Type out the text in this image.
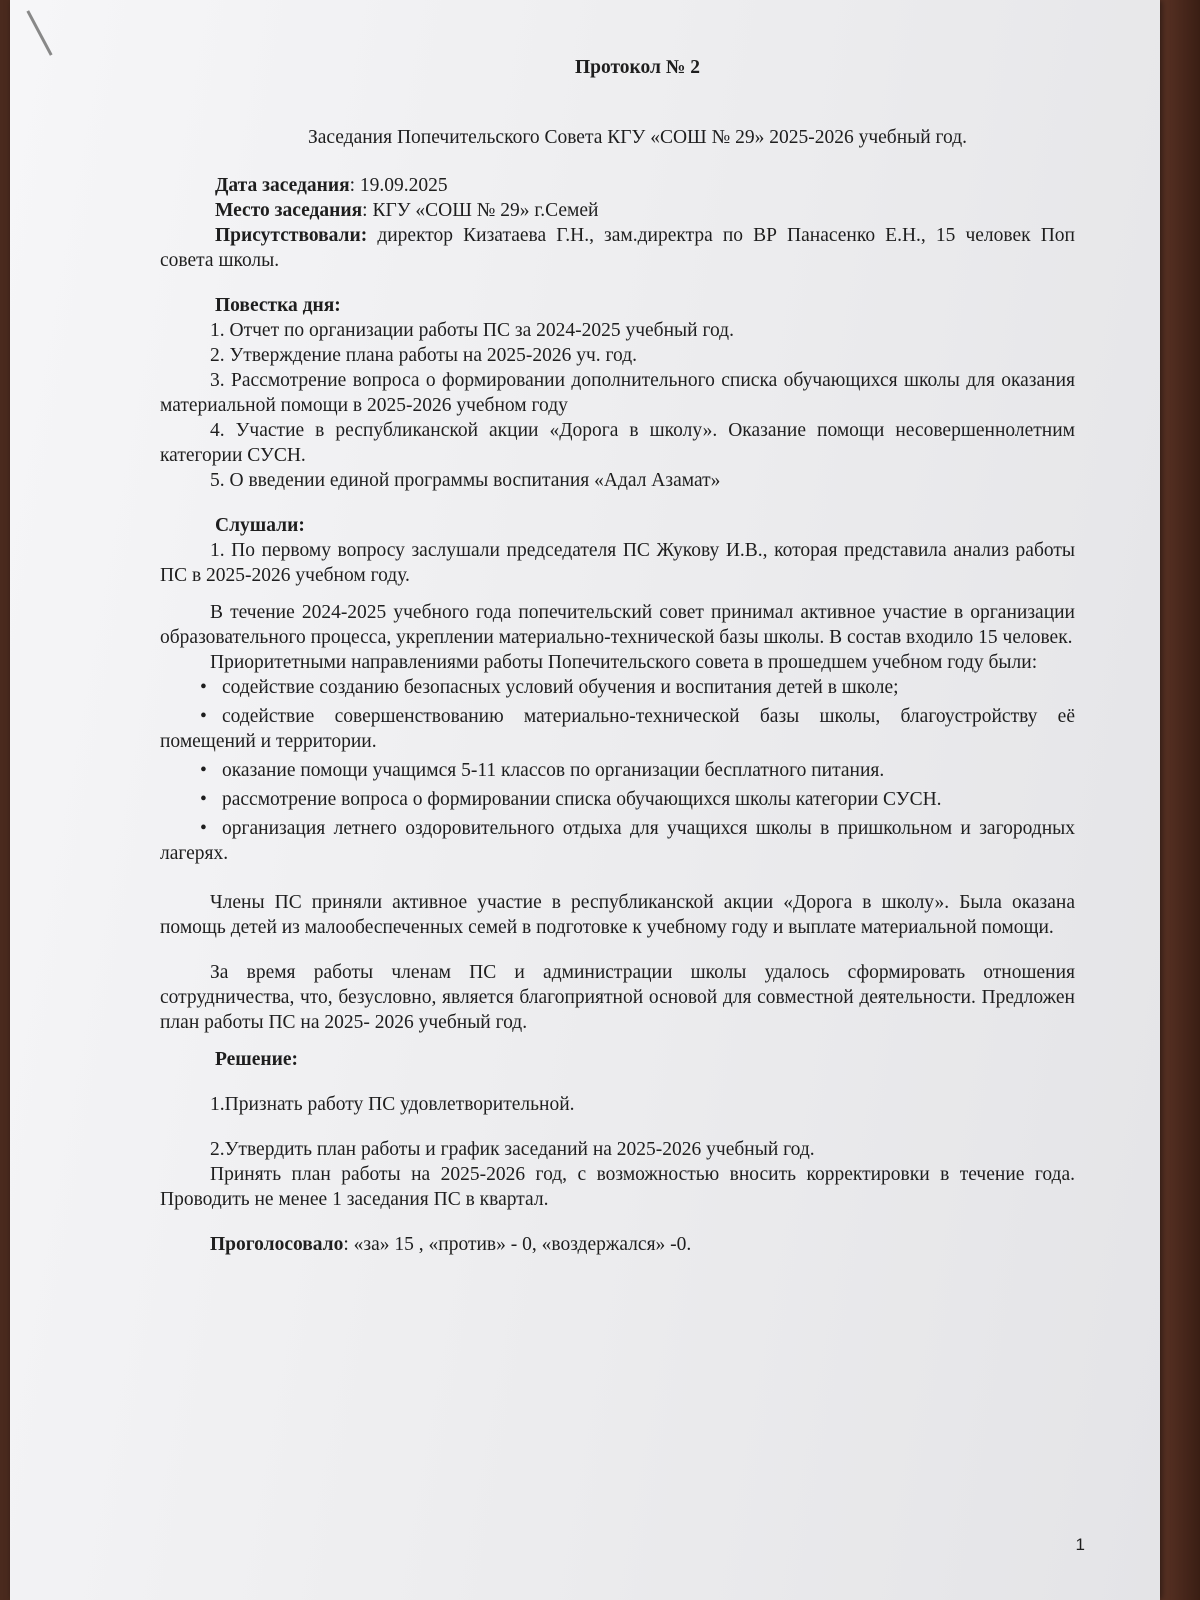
Протокол № 2

Заседания Попечительского Совета КГУ «СОШ № 29» 2025-2026 учебный год.

Дата заседания: 19.09.2025

Место заседания: КГУ «СОШ № 29» г.Семей

Присутствовали: директор Кизатаева Г.Н., зам.директра по ВР Панасенко Е.Н., 15 человек Поп совета школы.

Повестка дня:

1. Отчет по организации работы ПС за 2024-2025 учебный год.

2. Утверждение плана работы на 2025-2026 уч. год.

3. Рассмотрение вопроса о формировании дополнительного списка обучающихся школы для оказания материальной помощи в 2025-2026 учебном году

4. Участие в республиканской акции «Дорога в школу». Оказание помощи несовершеннолетним категории СУСН.

5. О введении единой программы воспитания «Адал Азамат»

Слушали:

1. По первому вопросу заслушали председателя ПС Жукову И.В., которая представила анализ работы ПС в 2025-2026 учебном году.

В течение 2024-2025 учебного года попечительский совет принимал активное участие в организации образовательного процесса, укреплении материально-технической базы школы. В состав входило 15 человек.

Приоритетными направлениями работы Попечительского совета в прошедшем учебном году были:

• содействие созданию безопасных условий обучения и воспитания детей в школе;
• содействие совершенствованию материально-технической базы школы, благоустройству её помещений и территории.
• оказание помощи учащимся 5-11 классов по организации бесплатного питания.
• рассмотрение вопроса о формировании списка обучающихся школы категории СУСН.
• организация летнего оздоровительного отдыха для учащихся школы в пришкольном и загородных лагерях.

Члены ПС приняли активное участие в республиканской акции «Дорога в школу». Была оказана помощь детей из малообеспеченных семей в подготовке к учебному году и выплате материальной помощи.

За время работы членам ПС и администрации школы удалось сформировать отношения сотрудничества, что, безусловно, является благоприятной основой для совместной деятельности. Предложен план работы ПС на 2025- 2026 учебный год.

Решение:

1.Признать работу ПС удовлетворительной.

2.Утвердить план работы и график заседаний на 2025-2026 учебный год.

Принять план работы на 2025-2026 год, с возможностью вносить корректировки в течение года. Проводить не менее 1 заседания ПС в квартал.

Проголосовало: «за» 15 , «против» - 0, «воздержался» -0.

1
